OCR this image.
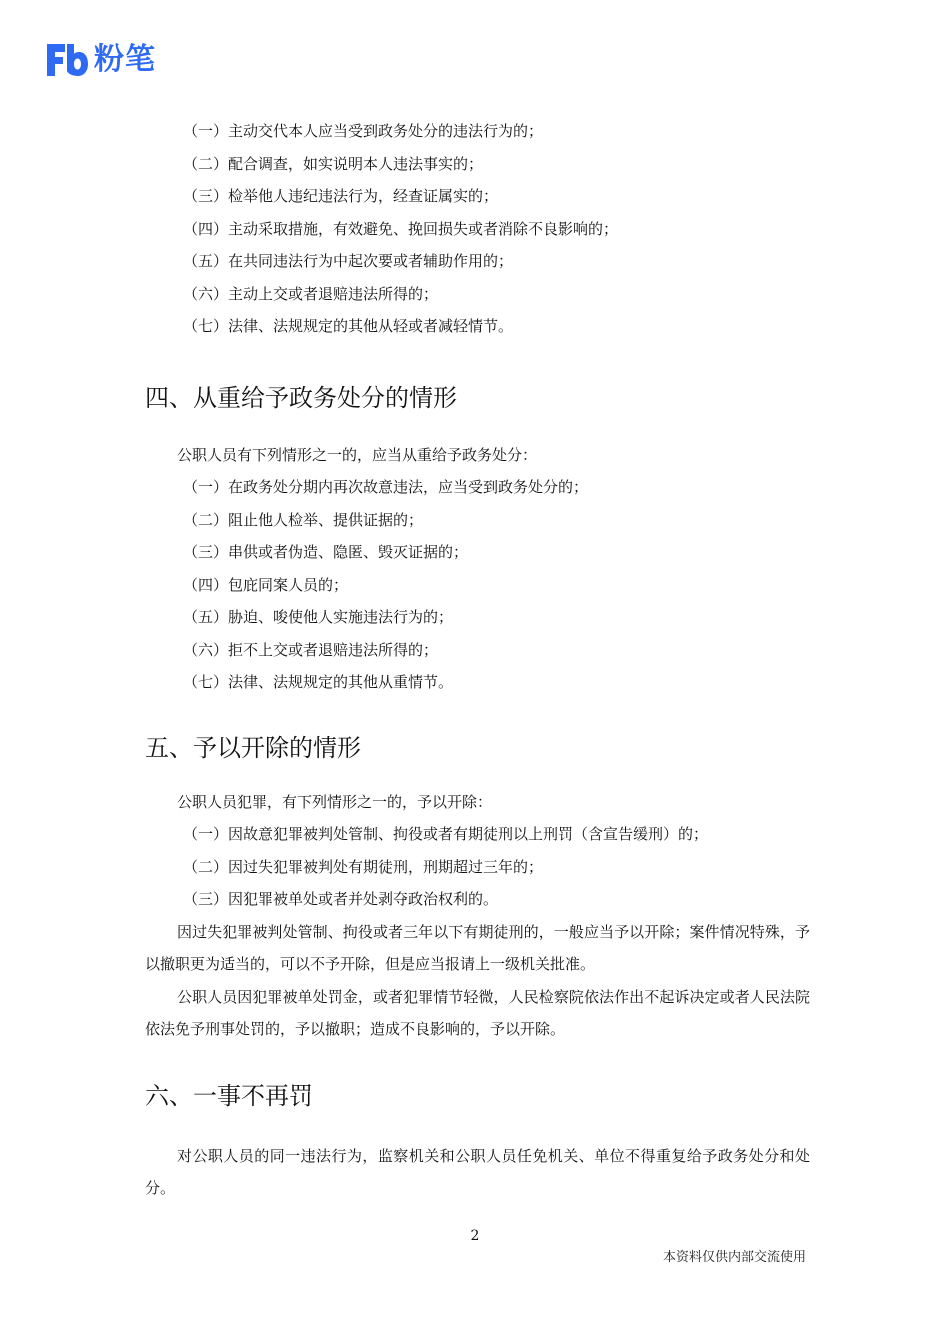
粉笔
（一）主动交代本人应当受到政务处分的违法行为的；
（二）配合调查，如实说明本人违法事实的；
（三）检举他人违纪违法行为，经查证属实的；
（四）主动采取措施，有效避免、挽回损失或者消除不良影响的；
（五）在共同违法行为中起次要或者辅助作用的；
（六）主动上交或者退赔违法所得的；
（七）法律、法规规定的其他从轻或者减轻情节。
四、从重给予政务处分的情形
公职人员有下列情形之一的，应当从重给予政务处分：
（一）在政务处分期内再次故意违法，应当受到政务处分的；
（二）阻止他人检举、提供证据的；
（三）串供或者伪造、隐匿、毁灭证据的；
（四）包庇同案人员的；
（五）胁迫、唆使他人实施违法行为的；
（六）拒不上交或者退赔违法所得的；
（七）法律、法规规定的其他从重情节。
五、予以开除的情形
公职人员犯罪，有下列情形之一的，予以开除：
（一）因故意犯罪被判处管制、拘役或者有期徒刑以上刑罚（含宣告缓刑）的；
（二）因过失犯罪被判处有期徒刑，刑期超过三年的；
（三）因犯罪被单处或者并处剥夺政治权利的。
因过失犯罪被判处管制、拘役或者三年以下有期徒刑的，一般应当予以开除；案件情况特殊，予以撤职更为适当的，可以不予开除，但是应当报请上一级机关批准。
公职人员因犯罪被单处罚金，或者犯罪情节轻微，人民检察院依法作出不起诉决定或者人民法院依法免予刑事处罚的，予以撤职；造成不良影响的，予以开除。
六、一事不再罚
对公职人员的同一违法行为，监察机关和公职人员任免机关、单位不得重复给予政务处分和处分。
2
本资料仅供内部交流使用
